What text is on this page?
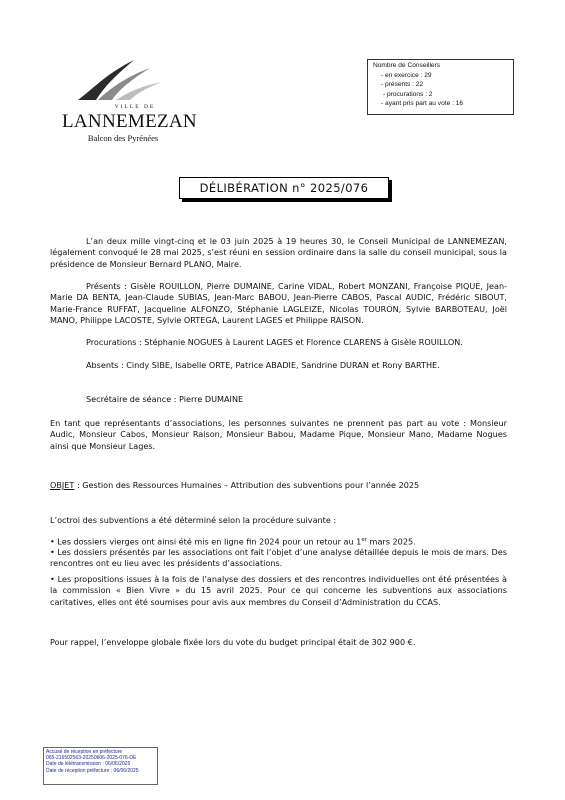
VILLE DE
LANNEMEZAN
Balcon des Pyrénées
Nombre de Conseillers
- en exercice : 29
- présents : 22
- procurations : 2
- ayant pris part au vote : 16
DÉLIBÉRATION n° 2025/076
L’an deux mille vingt-cinq et le 03 juin 2025 à 19 heures 30, le Conseil Municipal de LANNEMEZAN, légalement convoqué le 28 mai 2025, s’est réuni en session ordinaire dans la salle du conseil municipal, sous la présidence de Monsieur Bernard PLANO, Maire.
Présents : Gisèle ROUILLON, Pierre DUMAINE, Carine VIDAL, Robert MONZANI, Françoise PIQUE, Jean-Marie DA BENTA, Jean-Claude SUBIAS, Jean-Marc BABOU, Jean-Pierre CABOS, Pascal AUDIC, Frédéric SIBOUT, Marie-France RUFFAT, Jacqueline ALFONZO, Stéphanie LAGLEIZE, Nicolas TOURON, Sylvie BARBOTEAU, Joël MANO, Philippe LACOSTE, Sylvie ORTEGA, Laurent LAGES et Philippe RAISON.
Procurations : Stéphanie NOGUES à Laurent LAGES et Florence CLARENS à Gisèle ROUILLON.
Absents : Cindy SIBE, Isabelle ORTE, Patrice ABADIE, Sandrine DURAN et Rony BARTHE.
Secrétaire de séance : Pierre DUMAINE
En tant que représentants d’associations, les personnes suivantes ne prennent pas part au vote : Monsieur Audic, Monsieur Cabos, Monsieur Raison, Monsieur Babou, Madame Pique, Monsieur Mano, Madame Nogues ainsi que Monsieur Lages.
OBJET : Gestion des Ressources Humaines – Attribution des subventions pour l’année 2025
L’octroi des subventions a été déterminé selon la procédure suivante :
• Les dossiers vierges ont ainsi été mis en ligne fin 2024 pour un retour au 1er mars 2025.
• Les dossiers présentés par les associations ont fait l’objet d’une analyse détaillée depuis le mois de mars. Des rencontres ont eu lieu avec les présidents d’associations.
• Les propositions issues à la fois de l’analyse des dossiers et des rencontres individuelles ont été présentées à la commission « Bien Vivre » du 15 avril 2025. Pour ce qui concerne les subventions aux associations caritatives, elles ont été soumises pour avis aux membres du Conseil d’Administration du CCAS.
Pour rappel, l’enveloppe globale fixée lors du vote du budget principal était de 302 900 €.
Accusé de réception en préfecture
065-216502563-20250606-2025-076-DE
Date de télétransmission : 06/06/2025
Date de réception préfecture : 06/06/2025
